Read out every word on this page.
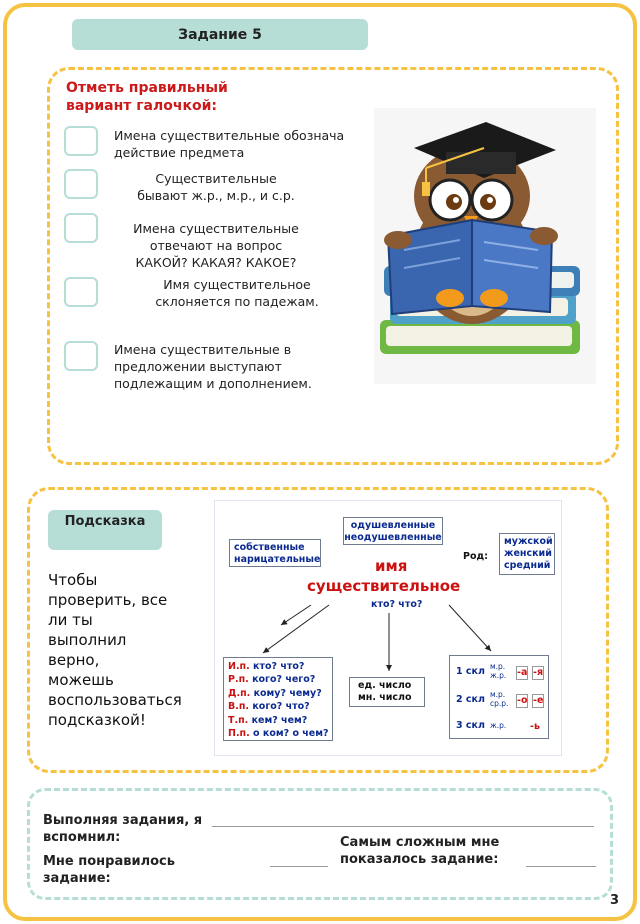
Задание 5
Отметь правильный вариант галочкой:
Имена существительные обознача
действие предмета
Существительные
бывают ж.р., м.р., и с.р.
Имена существительные
отвечают на вопрос
КАКОЙ? КАКАЯ? КАКОЕ?
Имя существительное
склоняется по падежам.
Имена существительные в
предложении выступают
подлежащим и дополнением.
Подсказка
Чтобы проверить, все ли ты выполнил верно, можешь воспользоваться подсказкой!
одушевленные
неодушевленные
собственные
нарицательные	Род:
мужской
женский
средний
имя
существительное
кто? что?
И.п. кто? что?
Р.п. кого? чего?
Д.п. кому? чему?
В.п. кого? что?
Т.п. кем? чем?
П.п. о ком? о чем?
ед. число
мн. число
1 скл м.р. ж.р.	-а -я
2 скл м.р. ср.р. -о -е
3 скл ж.р.	-ь
Выполняя задания, я вспомнил:
Мне понравилось задание:
Самым сложным мне показалось задание:
3
